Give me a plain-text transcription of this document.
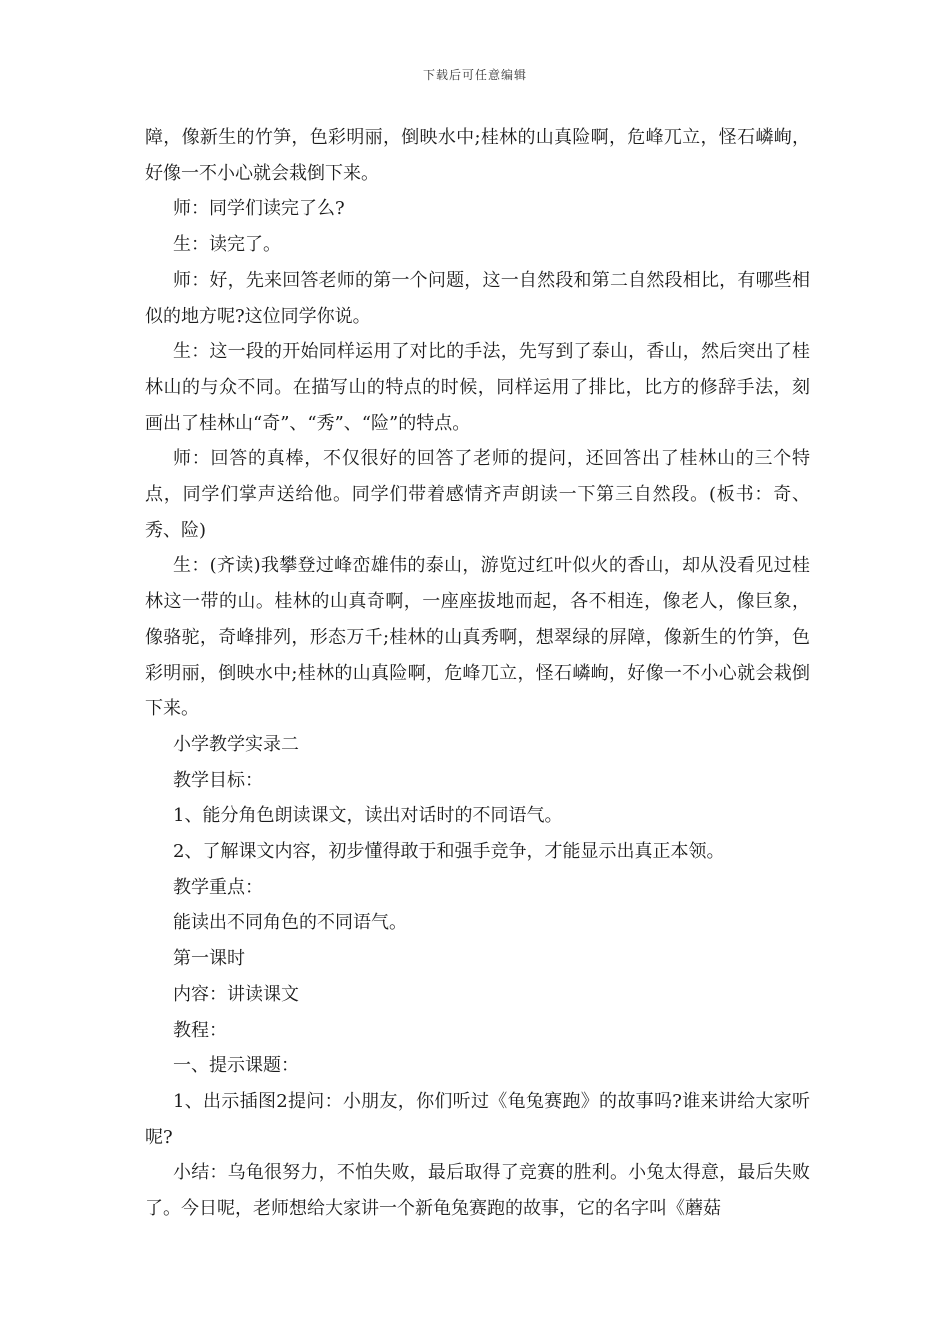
下载后可任意编辑

障，像新生的竹笋，色彩明丽，倒映水中;桂林的山真险啊，危峰兀立，怪石嶙峋，好像一不小心就会栽倒下来。

师：同学们读完了么?

生：读完了。

师：好，先来回答老师的第一个问题，这一自然段和第二自然段相比，有哪些相似的地方呢?这位同学你说。

生：这一段的开始同样运用了对比的手法，先写到了泰山，香山，然后突出了桂林山的与众不同。在描写山的特点的时候，同样运用了排比，比方的修辞手法，刻画出了桂林山“奇”、“秀”、“险”的特点。

师：回答的真棒，不仅很好的回答了老师的提问，还回答出了桂林山的三个特点，同学们掌声送给他。同学们带着感情齐声朗读一下第三自然段。(板书：奇、秀、险)

生：(齐读)我攀登过峰峦雄伟的泰山，游览过红叶似火的香山，却从没看见过桂林这一带的山。桂林的山真奇啊，一座座拔地而起，各不相连，像老人，像巨象，像骆驼，奇峰排列，形态万千;桂林的山真秀啊，想翠绿的屏障，像新生的竹笋，色彩明丽，倒映水中;桂林的山真险啊，危峰兀立，怪石嶙峋，好像一不小心就会栽倒下来。

小学教学实录二

教学目标：

1、能分角色朗读课文，读出对话时的不同语气。

2、了解课文内容，初步懂得敢于和强手竞争，才能显示出真正本领。

教学重点：

能读出不同角色的不同语气。

第一课时

内容：讲读课文

教程：

一、提示课题：

1、出示插图2提问：小朋友，你们听过《龟兔赛跑》的故事吗?谁来讲给大家听呢?

小结：乌龟很努力，不怕失败，最后取得了竞赛的胜利。小兔太得意，最后失败了。今日呢，老师想给大家讲一个新龟兔赛跑的故事，它的名字叫《蘑菇
